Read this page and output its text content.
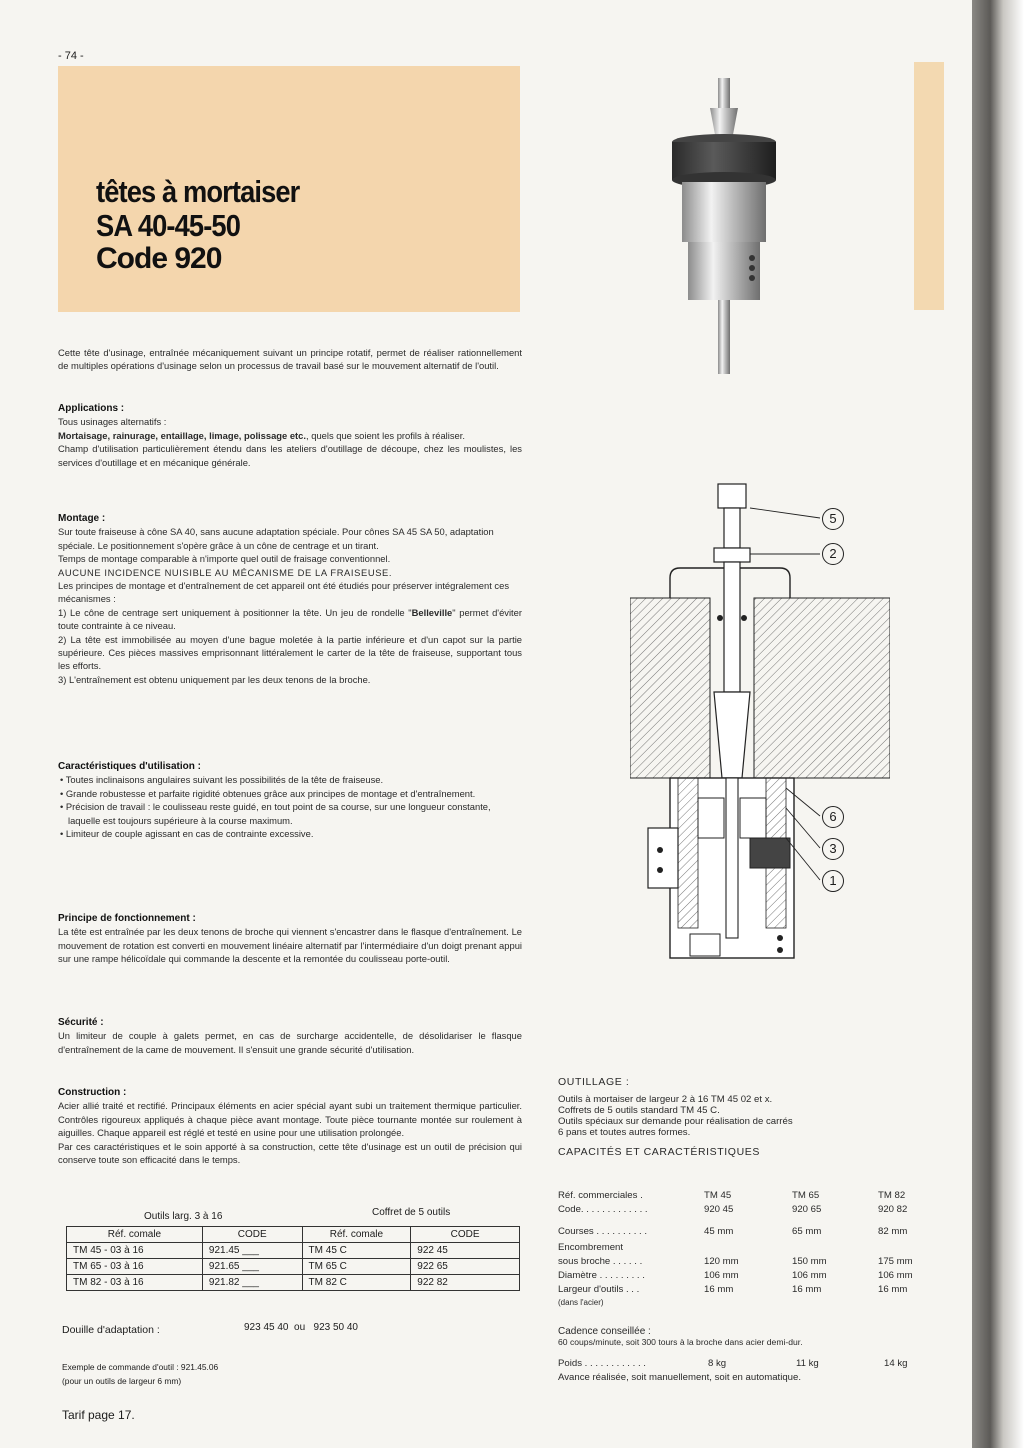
- 74 -
têtes à mortaiser
SA 40-45-50
Code 920

Cette tête d'usinage, entraînée mécaniquement suivant un principe rotatif, permet de réaliser rationnellement de multiples opérations d'usinage selon un processus de travail basé sur le mouvement alternatif de l'outil.

Applications :

Tous usinages alternatifs :

Mortaisage, rainurage, entaillage, limage, polissage etc., quels que soient les profils à réaliser.

Champ d'utilisation particulièrement étendu dans les ateliers d'outillage de découpe, chez les moulistes, les services d'outillage et en mécanique générale.

Montage :

Sur toute fraiseuse à cône SA 40, sans aucune adaptation spéciale. Pour cônes SA 45 SA 50, adaptation spéciale. Le positionnement s'opère grâce à un cône de centrage et un tirant.

Temps de montage comparable à n'importe quel outil de fraisage conventionnel.

AUCUNE INCIDENCE NUISIBLE AU MÉCANISME DE LA FRAISEUSE.

Les principes de montage et d'entraînement de cet appareil ont été étudiés pour préserver intégralement ces mécanismes :

1) Le cône de centrage sert uniquement à positionner la tête. Un jeu de rondelle "Belleville" permet d'éviter toute contrainte à ce niveau.

2) La tête est immobilisée au moyen d'une bague moletée à la partie inférieure et d'un capot sur la partie supérieure. Ces pièces massives emprisonnant littéralement le carter de la tête de fraiseuse, supportant tous les efforts.

3) L'entraînement est obtenu uniquement par les deux tenons de la broche.

Caractéristiques d'utilisation :

• Toutes inclinaisons angulaires suivant les possibilités de la tête de fraiseuse.

• Grande robustesse et parfaite rigidité obtenues grâce aux principes de montage et d'entraînement.

• Précision de travail : le coulisseau reste guidé, en tout point de sa course, sur une longueur constante, laquelle est toujours supérieure à la course maximum.

• Limiteur de couple agissant en cas de contrainte excessive.

Principe de fonctionnement :

La tête est entraînée par les deux tenons de broche qui viennent s'encastrer dans le flasque d'entraînement. Le mouvement de rotation est converti en mouvement linéaire alternatif par l'intermédiaire d'un doigt prenant appui sur une rampe hélicoïdale qui commande la descente et la remontée du coulisseau porte-outil.

Sécurité :

Un limiteur de couple à galets permet, en cas de surcharge accidentelle, de désolidariser le flasque d'entraînement de la came de mouvement. Il s'ensuit une grande sécurité d'utilisation.

Construction :

Acier allié traité et rectifié. Principaux éléments en acier spécial ayant subi un traitement thermique particulier. Contrôles rigoureux appliqués à chaque pièce avant montage. Toute pièce tournante montée sur roulement à aiguilles. Chaque appareil est réglé et testé en usine pour une utilisation prolongée.

Par ces caractéristiques et le soin apporté à sa construction, cette tête d'usinage est un outil de précision qui conserve toute son efficacité dans le temps.

Outils larg. 3 à 16	Coffret de 5 outils
Réf. comale	CODE	Réf. comale	CODE
TM 45 - 03 à 16	921.45 ___	TM 45 C	922 45
TM 65 - 03 à 16	921.65 ___	TM 65 C	922 65
TM 82 - 03 à 16	921.82 ___	TM 82 C	922 82
Douille d'adaptation :	923 45 40  ou   923 50 40
Exemple de commande d'outil : 921.45.06
(pour un outils de largeur 6 mm)
Tarif page 17.
5
2
6
3
1
OUTILLAGE :
Outils à mortaiser de largeur 2 à 16 TM 45 02 et x.
Coffrets de 5 outils standard TM 45 C.
Outils spéciaux sur demande pour réalisation de carrés
6 pans et toutes autres formes.
CAPACITÉS ET CARACTÉRISTIQUES
Réf. commerciales .	TM 45	TM 65	TM 82
Code. . . . . . . . . . . . .	920 45	920 65	920 82
Courses . . . . . . . . . .	45 mm	65 mm	82 mm
Encombrement
sous broche . . . . . .	120 mm	150 mm	175 mm
Diamètre . . . . . . . . .	106 mm	106 mm	106 mm
Largeur d'outils . . .	16 mm	16 mm	16 mm
(dans l'acier)
Cadence conseillée :
60 coups/minute, soit 300 tours à la broche dans acier demi-dur.
Poids . . . . . . . . . . . .	8 kg	11 kg	14 kg
Avance réalisée, soit manuellement, soit en automatique.
